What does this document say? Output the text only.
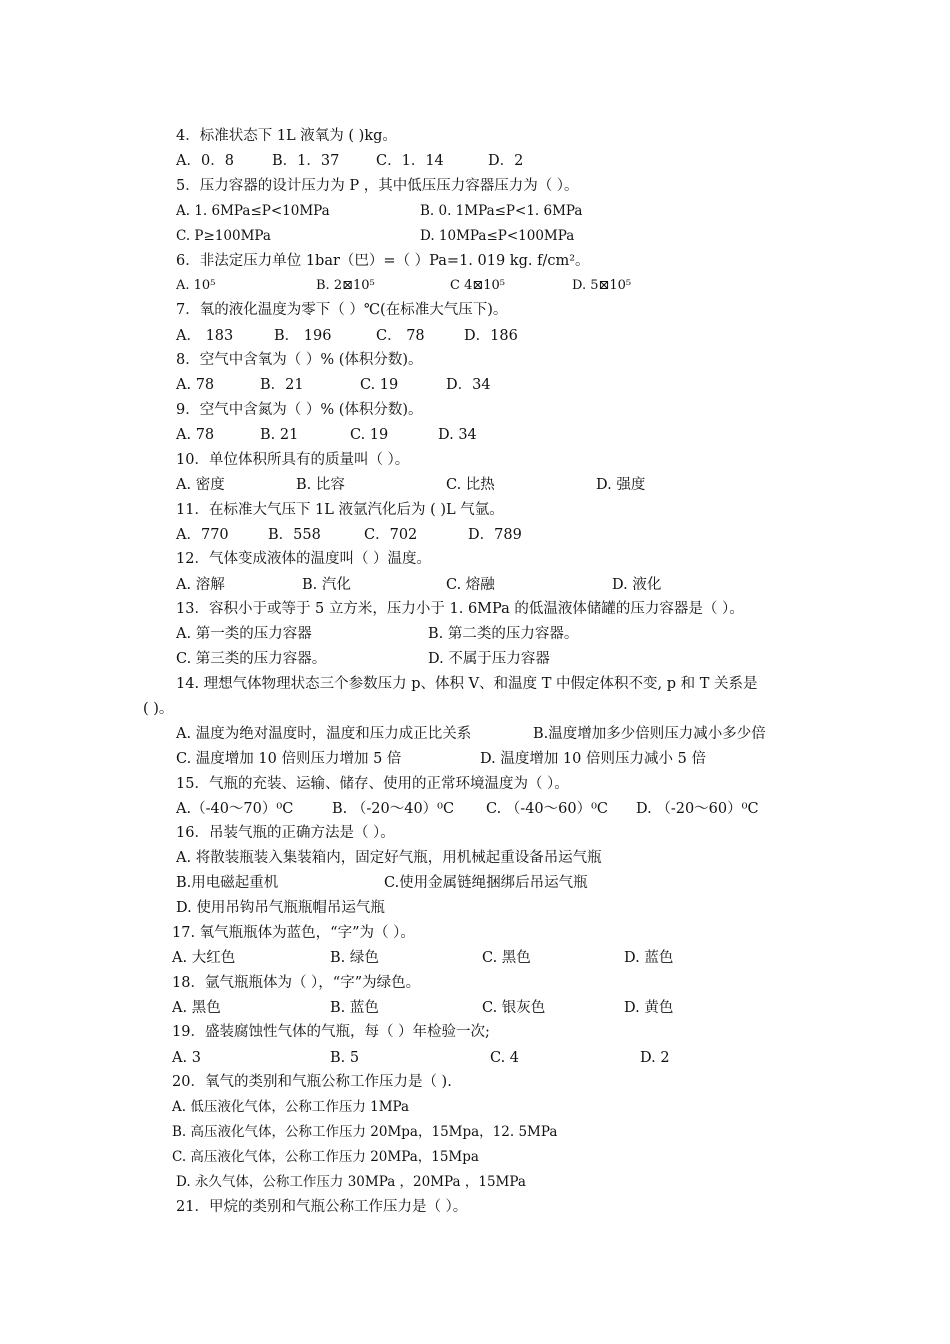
4．标准状态下 1L 液氧为 ( )kg。
A．0．8	B．1．37	C．1．14	D．2
5．压力容器的设计压力为 P ，其中低压压力容器压力为（ ）。
A. 1. 6MPa≤P<10MPa	B. 0. 1MPa≤P<1. 6MPa
C. P≥100MPa	D. 10MPa≤P<100MPa
6．非法定压力单位 1bar（巴）=（ ）Pa=1. 019 kg. f/cm²。
A. 10⁵	B. 2⊠10⁵	C 4⊠10⁵	D. 5⊠10⁵
7．氧的液化温度为零下（ ）℃(在标准大气压下)。
A． 183	B． 196	C． 78	D．186
8．空气中含氧为（ ）% (体积分数)。
A. 78	B．21	C. 19	D．34
9．空气中含氮为（ ）% (体积分数)。
A. 78	B. 21	C. 19	D. 34
10．单位体积所具有的质量叫（ ）。
A. 密度	B. 比容	C. 比热	D. 强度
11．在标准大气压下 1L 液氩汽化后为 ( )L 气氩。
A．770	B．558	C．702	D．789
12．气体变成液体的温度叫（ ）温度。
A. 溶解	B. 汽化	C. 熔融	D. 液化
13．容积小于或等于 5 立方米，压力小于 1. 6MPa 的低温液体储罐的压力容器是（ ）。
A. 第一类的压力容器	B. 第二类的压力容器。
C. 第三类的压力容器。	D. 不属于压力容器
14. 理想气体物理状态三个参数压力 p、体积 V、和温度 T 中假定体积不变, p 和 T 关系是
( )。
A. 温度为绝对温度时，温度和压力成正比关系	B.温度增加多少倍则压力减小多少倍
C. 温度增加 10 倍则压力增加 5 倍	D. 温度增加 10 倍则压力减小 5 倍
15．气瓶的充装、运输、储存、使用的正常环境温度为（ ）。
A.（-40～70）⁰C	B. （-20～40）⁰C C. （-40～60）⁰C D. （-20～60）⁰C
16．吊装气瓶的正确方法是（ ）。
A. 将散装瓶装入集装箱内，固定好气瓶，用机械起重设备吊运气瓶
B.用电磁起重机	C.使用金属链绳捆绑后吊运气瓶
D. 使用吊钩吊气瓶瓶帽吊运气瓶
17. 氧气瓶瓶体为蓝色，“字”为（ ）。
A. 大红色	B. 绿色	C. 黑色	D. 蓝色
18．氩气瓶瓶体为（ ），“字”为绿色。
A. 黑色	B. 蓝色	C. 银灰色	D. 黄色
19．盛装腐蚀性气体的气瓶，每（ ）年检验一次;
A. 3	B. 5	C. 4	D. 2
20．氧气的类别和气瓶公称工作压力是（ ).
A. 低压液化气体，公称工作压力 1MPa
B. 高压液化气体，公称工作压力 20Mpa，15Mpa，12. 5MPa
C. 高压液化气体，公称工作压力 20MPa，15Mpa
D. 永久气体，公称工作压力 30MPa ，20MPa ，15MPa
21．甲烷的类别和气瓶公称工作压力是（ ）。
